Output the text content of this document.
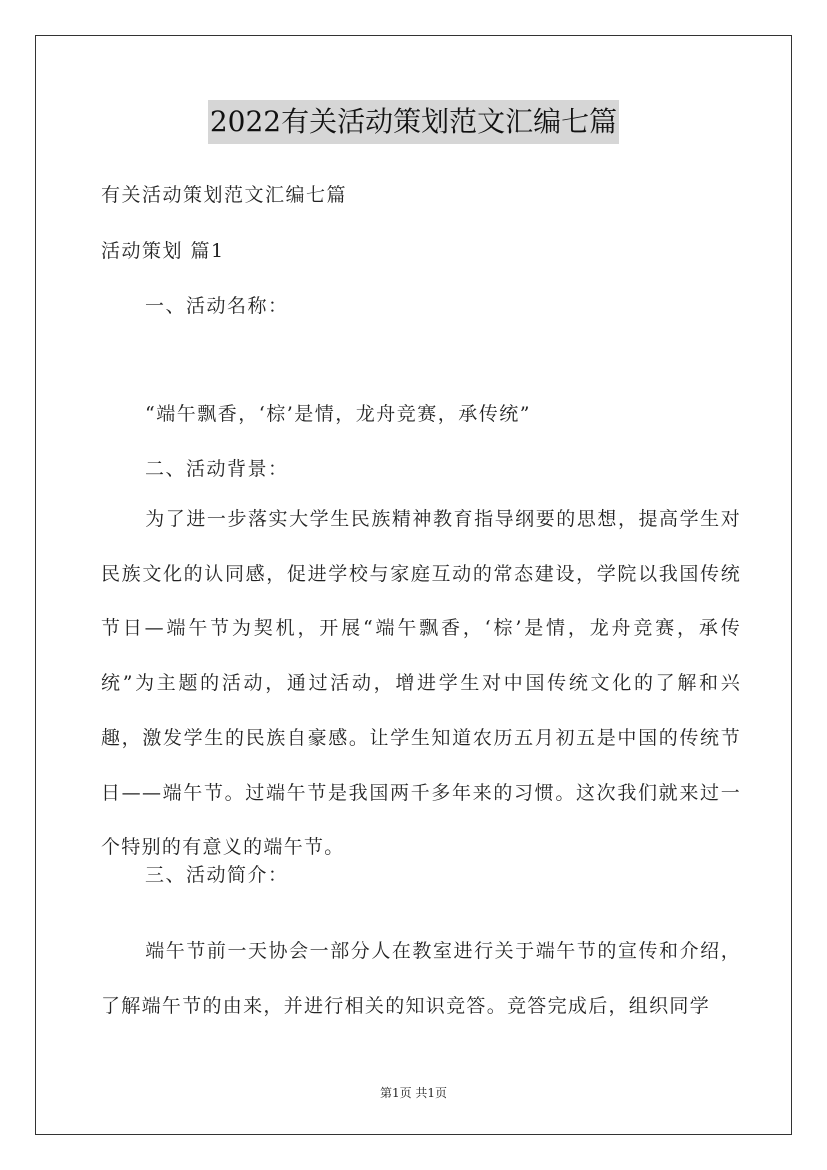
2022有关活动策划范文汇编七篇
有关活动策划范文汇编七篇
活动策划 篇1
一、活动名称：
“端午飘香，‘棕’是情，龙舟竞赛，承传统”
二、活动背景：
为了进一步落实大学生民族精神教育指导纲要的思想，提高学生对民族文化的认同感，促进学校与家庭互动的常态建设，学院以我国传统节日—端午节为契机，开展“端午飘香，‘棕’是情，龙舟竞赛，承传统”为主题的活动，通过活动，增进学生对中国传统文化的了解和兴趣，激发学生的民族自豪感。让学生知道农历五月初五是中国的传统节日——端午节。过端午节是我国两千多年来的习惯。这次我们就来过一个特别的有意义的端午节。
三、活动简介：
端午节前一天协会一部分人在教室进行关于端午节的宣传和介绍，了解端午节的由来，并进行相关的知识竞答。竞答完成后，组织同学
第1页 共1页
